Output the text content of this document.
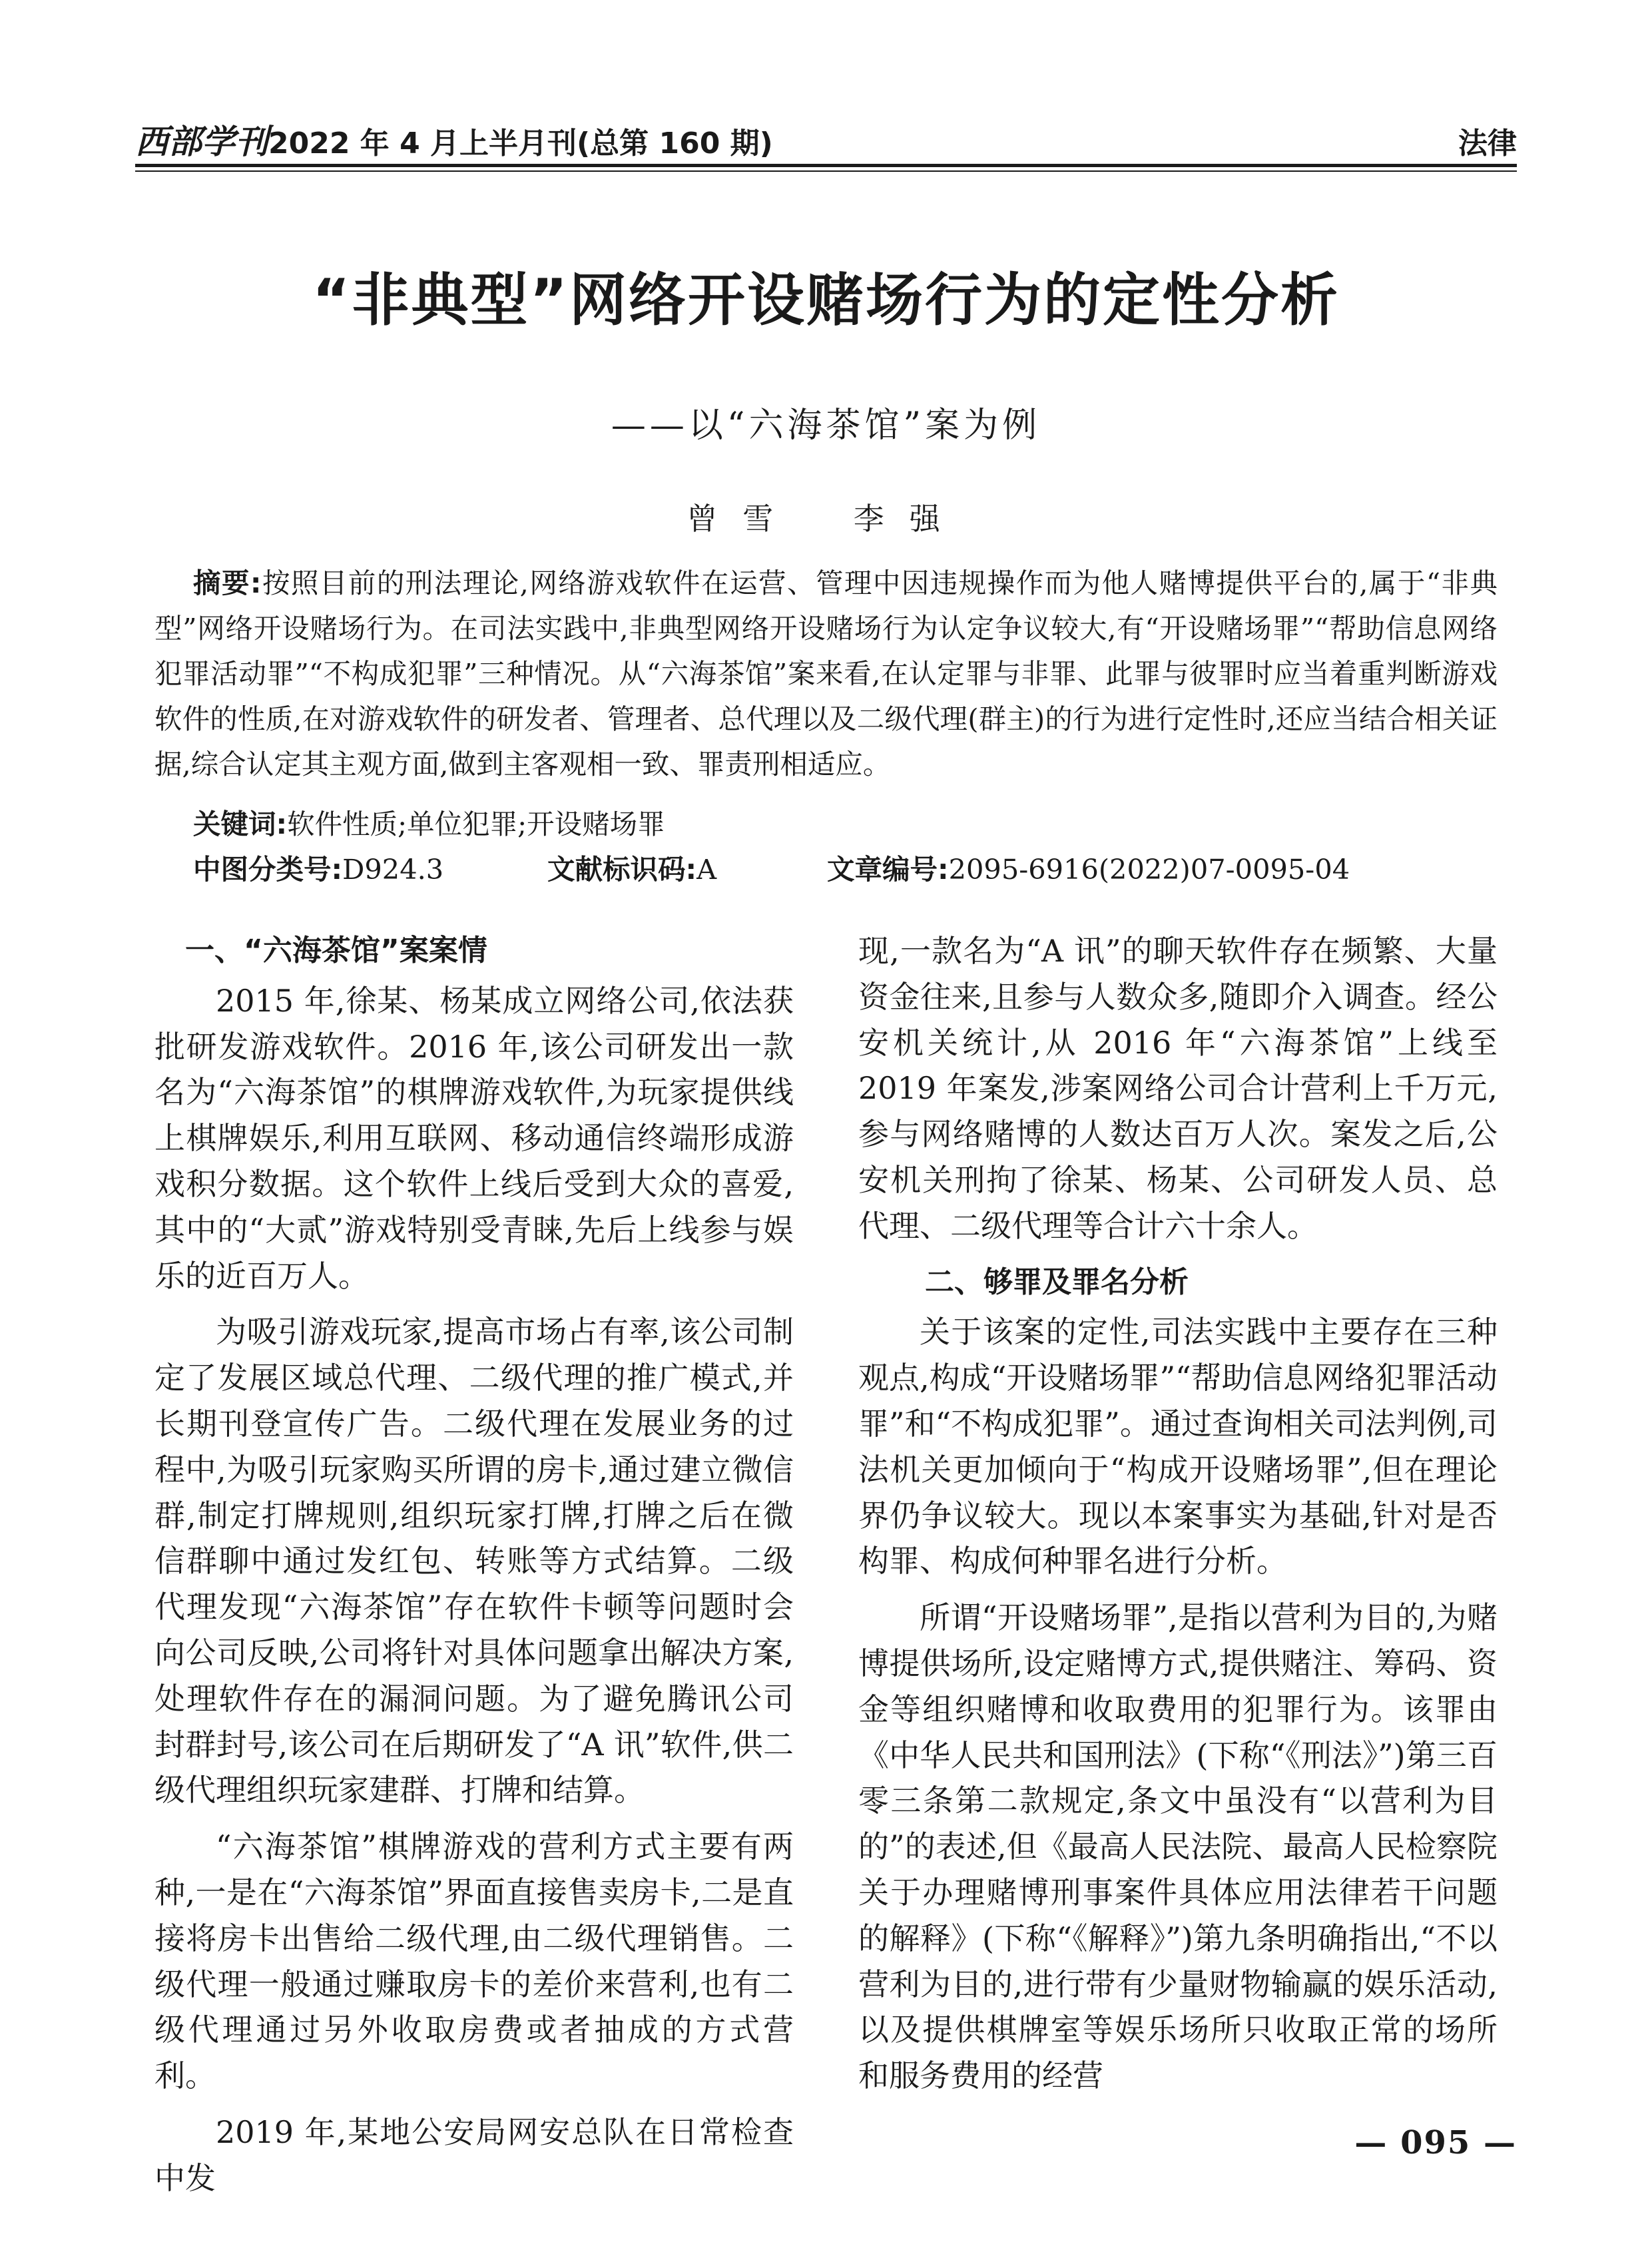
西部学刊 2022 年 4 月上半月刊(总第 160 期)	法律
“非典型”网络开设赌场行为的定性分析
——以“六海茶馆”案为例
曾雪 李强
摘要:按照目前的刑法理论,网络游戏软件在运营、管理中因违规操作而为他人赌博提供平台的,属于“非典型”网络开设赌场行为。在司法实践中,非典型网络开设赌场行为认定争议较大,有“开设赌场罪”“帮助信息网络犯罪活动罪”“不构成犯罪”三种情况。从“六海茶馆”案来看,在认定罪与非罪、此罪与彼罪时应当着重判断游戏软件的性质,在对游戏软件的研发者、管理者、总代理以及二级代理(群主)的行为进行定性时,还应当结合相关证据,综合认定其主观方面,做到主客观相一致、罪责刑相适应。
关键词:软件性质;单位犯罪;开设赌场罪
中图分类号:D924.3	文献标识码:A	文章编号:2095-6916(2022)07-0095-04
一、“六海茶馆”案案情

2015 年,徐某、杨某成立网络公司,依法获批研发游戏软件。2016 年,该公司研发出一款名为“六海茶馆”的棋牌游戏软件,为玩家提供线上棋牌娱乐,利用互联网、移动通信终端形成游戏积分数据。这个软件上线后受到大众的喜爱,其中的“大贰”游戏特别受青睐,先后上线参与娱乐的近百万人。

为吸引游戏玩家,提高市场占有率,该公司制定了发展区域总代理、二级代理的推广模式,并长期刊登宣传广告。二级代理在发展业务的过程中,为吸引玩家购买所谓的房卡,通过建立微信群,制定打牌规则,组织玩家打牌,打牌之后在微信群聊中通过发红包、转账等方式结算。二级代理发现“六海茶馆”存在软件卡顿等问题时会向公司反映,公司将针对具体问题拿出解决方案,处理软件存在的漏洞问题。为了避免腾讯公司封群封号,该公司在后期研发了“A 讯”软件,供二级代理组织玩家建群、打牌和结算。

“六海茶馆”棋牌游戏的营利方式主要有两种,一是在“六海茶馆”界面直接售卖房卡,二是直接将房卡出售给二级代理,由二级代理销售。二级代理一般通过赚取房卡的差价来营利,也有二级代理通过另外收取房费或者抽成的方式营利。

2019 年,某地公安局网安总队在日常检查中发

现,一款名为“A 讯”的聊天软件存在频繁、大量资金往来,且参与人数众多,随即介入调查。经公安机关统计,从 2016 年“六海茶馆”上线至 2019 年案发,涉案网络公司合计营利上千万元,参与网络赌博的人数达百万人次。案发之后,公安机关刑拘了徐某、杨某、公司研发人员、总代理、二级代理等合计六十余人。

二、够罪及罪名分析

关于该案的定性,司法实践中主要存在三种观点,构成“开设赌场罪”“帮助信息网络犯罪活动罪”和“不构成犯罪”。通过查询相关司法判例,司法机关更加倾向于“构成开设赌场罪”,但在理论界仍争议较大。现以本案事实为基础,针对是否构罪、构成何种罪名进行分析。

所谓“开设赌场罪”,是指以营利为目的,为赌博提供场所,设定赌博方式,提供赌注、筹码、资金等组织赌博和收取费用的犯罪行为。该罪由《中华人民共和国刑法》(下称“《刑法》”)第三百零三条第二款规定,条文中虽没有“以营利为目的”的表述,但《最高人民法院、最高人民检察院关于办理赌博刑事案件具体应用法律若干问题的解释》(下称“《解释》”)第九条明确指出,“不以营利为目的,进行带有少量财物输赢的娱乐活动,以及提供棋牌室等娱乐场所只收取正常的场所和服务费用的经营

— 095 —
